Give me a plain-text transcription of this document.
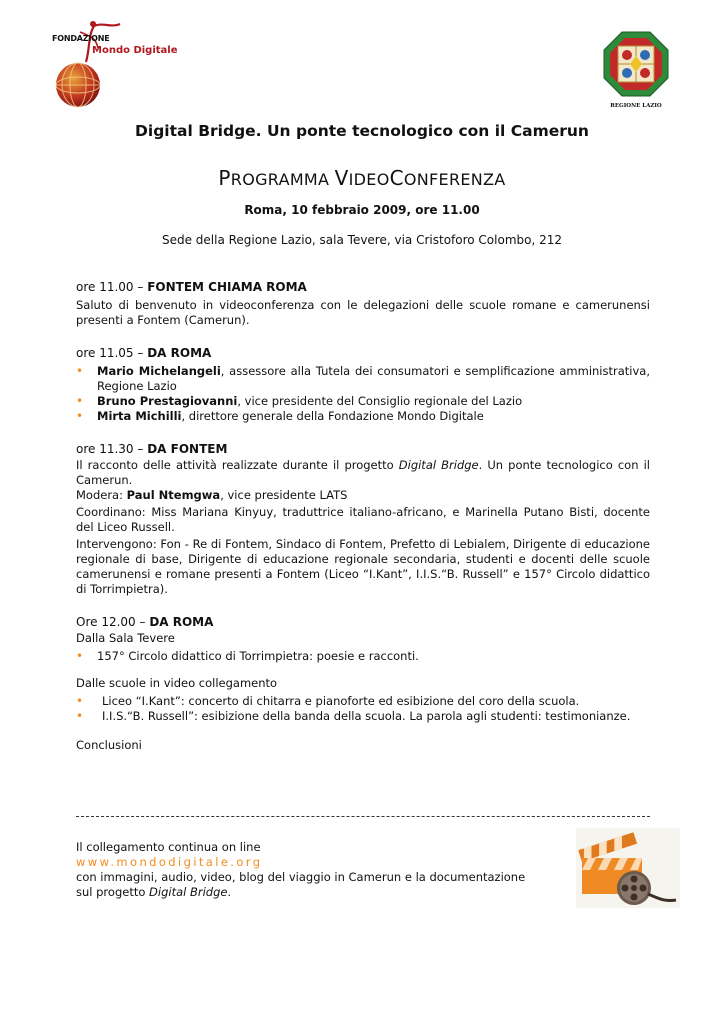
FONDAZIONE
Mondo Digitale
REGIONE LAZIO
Digital Bridge. Un ponte tecnologico con il Camerun
PROGRAMMA VIDEOCONFERENZA
Roma, 10 febbraio 2009, ore 11.00
Sede della Regione Lazio, sala Tevere, via Cristoforo Colombo, 212
ore 11.00 – FONTEM CHIAMA ROMA

Saluto di benvenuto in videoconferenza con le delegazioni delle scuole romane e camerunensi presenti a Fontem (Camerun).

ore 11.05 – DA ROMA
• Mario Michelangeli, assessore alla Tutela dei consumatori e semplificazione amministrativa, Regione Lazio
• Bruno Prestagiovanni, vice presidente del Consiglio regionale del Lazio
• Mirta Michilli, direttore generale della Fondazione Mondo Digitale
ore 11.30 – DA FONTEM

Il racconto delle attività realizzate durante il progetto Digital Bridge. Un ponte tecnologico con il Camerun.

Modera: Paul Ntemgwa, vice presidente LATS

Coordinano: Miss Mariana Kinyuy, traduttrice italiano-africano, e Marinella Putano Bisti, docente del Liceo Russell.

Intervengono: Fon - Re di Fontem, Sindaco di Fontem, Prefetto di Lebialem, Dirigente di educazione regionale di base, Dirigente di educazione regionale secondaria, studenti e docenti delle scuole camerunensi e romane presenti a Fontem (Liceo “I.Kant”, I.I.S.“B. Russell” e 157° Circolo didattico di Torrimpietra).

Ore 12.00 – DA ROMA

Dalla Sala Tevere

• 157° Circolo didattico di Torrimpietra: poesie e racconti.

Dalle scuole in video collegamento

• Liceo “I.Kant”: concerto di chitarra e pianoforte ed esibizione del coro della scuola.
• I.I.S.“B. Russell”: esibizione della banda della scuola. La parola agli studenti: testimonianze.

Conclusioni

Il collegamento continua on line

www.mondodigitale.org

con immagini, audio, video, blog del viaggio in Camerun e la documentazione

sul progetto Digital Bridge.
